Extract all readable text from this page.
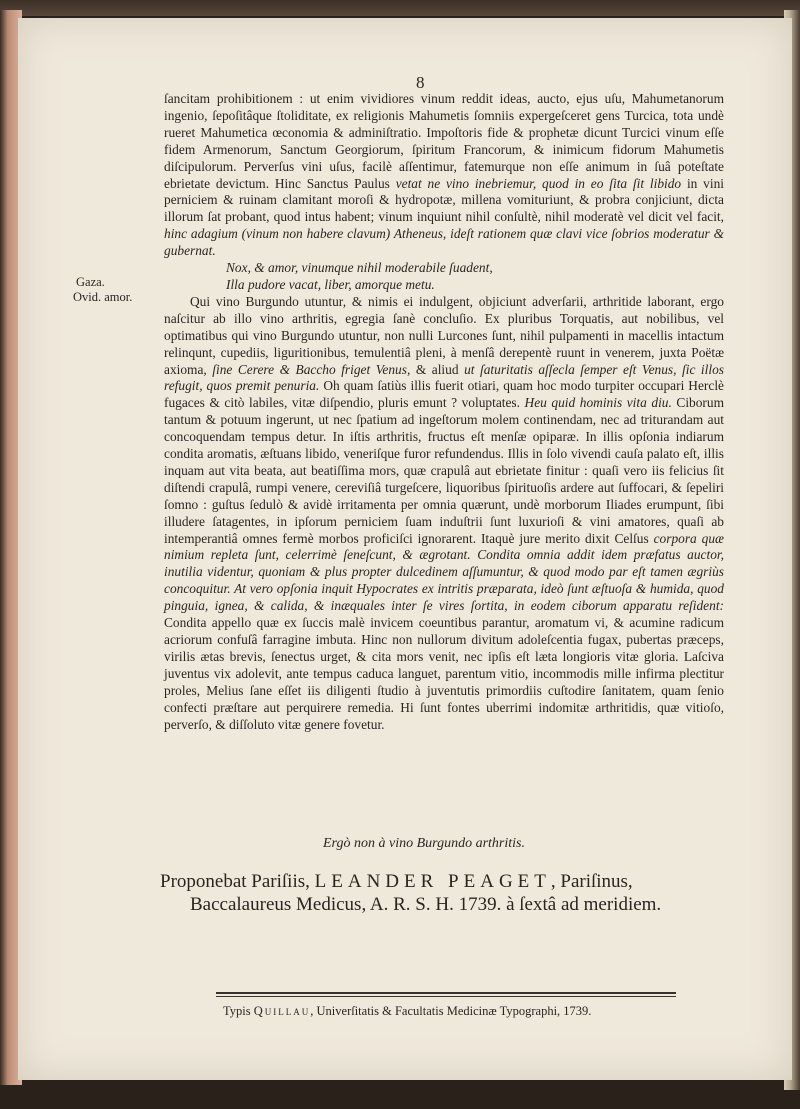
8
Gaza.
Ovid. amor.

ſancitam prohibitionem : ut enim vividiores vinum reddit ideas, aucto, ejus uſu, Mahumetanorum ingenio, ſepoſitâque ſtoliditate, ex religionis Mahumetis ſomniis expergeſceret gens Turcica, tota undè rueret Mahumetica œconomia & adminiſtratio. Impoſtoris fide & prophetæ dicunt Turcici vinum eſſe fidem Armenorum, Sanctum Georgiorum, ſpiritum Francorum, & inimicum fidorum Mahumetis diſcipulorum. Perverſus vini uſus, facilè aſſentimur, fatemurque non eſſe animum in ſuâ poteſtate ebrietate devictum. Hinc Sanctus Paulus vetat ne vino inebriemur, quod in eo ſita ſit libido in vini perniciem & ruinam clamitant moroſi & hydropotæ, millena vomituriunt, & probra conjiciunt, dicta illorum ſat probant, quod intus habent; vinum inquiunt nihil conſultè, nihil moderatè vel dicit vel facit, hinc adagium (vinum non habere clavum) Atheneus, ideſt rationem quæ clavi vice ſobrios moderatur & gubernat.

Nox, & amor, vinumque nihil moderabile ſuadent,

Illa pudore vacat, liber, amorque metu.

Qui vino Burgundo utuntur, & nimis ei indulgent, objiciunt adverſarii, arthritide laborant, ergo naſcitur ab illo vino arthritis, egregia ſanè concluſio. Ex pluribus Torquatis, aut nobilibus, vel optimatibus qui vino Burgundo utuntur, non nulli Lurcones ſunt, nihil pulpamenti in macellis intactum relinqunt, cupediis, liguritionibus, temulentiâ pleni, à menſâ derepentè ruunt in venerem, juxta Poëtæ axioma, ſine Cerere & Baccho friget Venus, & aliud ut ſaturitatis aſſecla ſemper eſt Venus, ſic illos refugit, quos premit penuria. Oh quam ſatiùs illis fuerit otiari, quam hoc modo turpiter occupari Herclè fugaces & citò labiles, vitæ diſpendio, pluris emunt ? voluptates. Heu quid hominis vita diu. Ciborum tantum & potuum ingerunt, ut nec ſpatium ad ingeſtorum molem continendam, nec ad triturandam aut concoquendam tempus detur. In iſtis arthritis, fructus eſt menſæ opiparæ. In illis opſonia indiarum condita aromatis, æſtuans libido, veneriſque furor refundendus. Illis in ſolo vivendi cauſa palato eſt, illis inquam aut vita beata, aut beatiſſima mors, quæ crapulâ aut ebrietate finitur : quaſi vero iis felicius ſit diſtendi crapulâ, rumpi venere, cereviſiâ turgeſcere, liquoribus ſpirituoſis ardere aut ſuffocari, & ſepeliri ſomno : guſtus ſedulò & avidè irritamenta per omnia quærunt, undè morborum Iliades erumpunt, ſibi illudere ſatagentes, in ipſorum perniciem ſuam induſtrii ſunt luxurioſi & vini amatores, quaſi ab intemperantiâ omnes fermè morbos proficiſci ignorarent. Itaquè jure merito dixit Celſus corpora quæ nimium repleta ſunt, celerrimè ſeneſcunt, & ægrotant. Condita omnia addit idem præfatus auctor, inutilia videntur, quoniam & plus propter dulcedinem aſſumuntur, & quod modo par eſt tamen ægriùs concoquitur. At vero opſonia inquit Hypocrates ex intritis præparata, ideò ſunt æſtuoſa & humida, quod pinguia, ignea, & calida, & inæquales inter ſe vires ſortita, in eodem ciborum apparatu reſident: Condita appello quæ ex ſuccis malè invicem coeuntibus parantur, aromatum vi, & acumine radicum acriorum confuſâ farragine imbuta. Hinc non nullorum divitum adoleſcentia fugax, pubertas præceps, virilis ætas brevis, ſenectus urget, & cita mors venit, nec ipſis eſt læta longioris vitæ gloria. Laſciva juventus vix adolevit, ante tempus caduca languet, parentum vitio, incommodis mille infirma plectitur proles, Melius ſane eſſet iis diligenti ſtudio à juventutis primordiis cuſtodire ſanitatem, quam ſenio confecti præſtare aut perquirere remedia. Hi ſunt fontes uberrimi indomitæ arthritidis, quæ vitioſo, perverſo, & diſſoluto vitæ genere fovetur.

Ergò non à vino Burgundo arthritis.
Proponebat Pariſiis, LEANDER PEAGET, Pariſinus,
Baccalaureus Medicus, A. R. S. H. 1739. à ſextâ ad meridiem.
Typis Quillau, Univerſitatis & Facultatis Medicinæ Typographi, 1739.
